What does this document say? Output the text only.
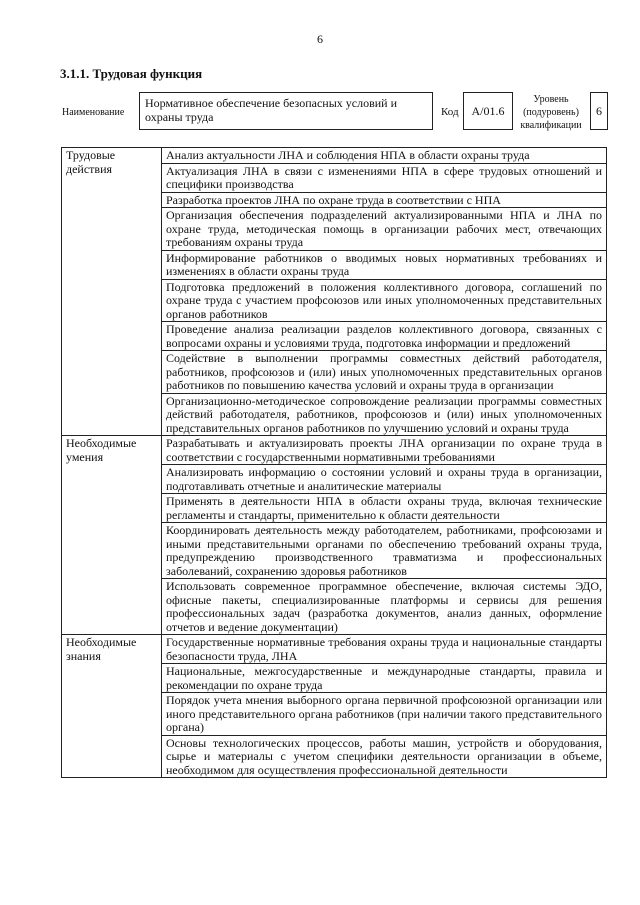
6
3.1.1. Трудовая функция
Наименование
Нормативное обеспечение безопасных условий и охраны труда	Код	А/01.6
Уровень (подуровень) квалификации
6
Трудовые действия	Анализ актуальности ЛНА и соблюдения НПА в области охраны труда
	Актуализация ЛНА в связи с изменениями НПА в сфере трудовых отношений и специфики производства
	Разработка проектов ЛНА по охране труда в соответствии с НПА
	Организация обеспечения подразделений актуализированными НПА и ЛНА по охране труда, методическая помощь в организации рабочих мест, отвечающих требованиям охраны труда
	Информирование работников о вводимых новых нормативных требованиях и изменениях в области охраны труда
	Подготовка предложений в положения коллективного договора, соглашений по охране труда с участием профсоюзов или иных уполномоченных представительных органов работников
	Проведение анализа реализации разделов коллективного договора, связанных с вопросами охраны и условиями труда, подготовка информации и предложений
	Содействие в выполнении программы совместных действий работодателя, работников, профсоюзов и (или) иных уполномоченных представительных органов работников по повышению качества условий и охраны труда в организации
	Организационно-методическое сопровождение реализации программы совместных действий работодателя, работников, профсоюзов и (или) иных уполномоченных представительных органов работников по улучшению условий и охраны труда
Необходимые умения	Разрабатывать и актуализировать проекты ЛНА организации по охране труда в соответствии с государственными нормативными требованиями
	Анализировать информацию о состоянии условий и охраны труда в организации, подготавливать отчетные и аналитические материалы
	Применять в деятельности НПА в области охраны труда, включая технические регламенты и стандарты, применительно к области деятельности
	Координировать деятельность между работодателем, работниками, профсоюзами и иными представительными органами по обеспечению требований охраны труда, предупреждению производственного травматизма и профессиональных заболеваний, сохранению здоровья работников
	Использовать современное программное обеспечение, включая системы ЭДО, офисные пакеты, специализированные платформы и сервисы для решения профессиональных задач (разработка документов, анализ данных, оформление отчетов и ведение документации)
Необходимые знания	Государственные нормативные требования охраны труда и национальные стандарты безопасности труда, ЛНА
	Национальные, межгосударственные и международные стандарты, правила и рекомендации по охране труда
	Порядок учета мнения выборного органа первичной профсоюзной организации или иного представительного органа работников (при наличии такого представительного органа)
	Основы технологических процессов, работы машин, устройств и оборудования, сырье и материалы с учетом специфики деятельности организации в объеме, необходимом для осуществления профессиональной деятельности
